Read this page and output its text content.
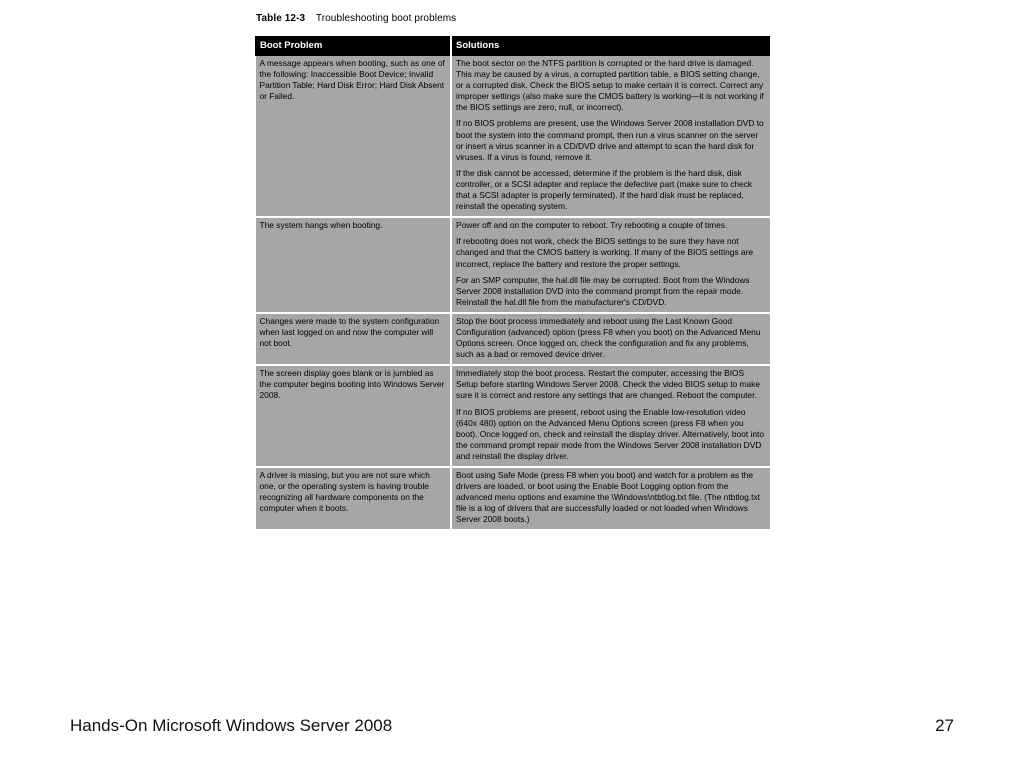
Table 12-3 Troubleshooting boot problems
Boot Problem	Solutions
A message appears when booting, such as one of the following: Inaccessible Boot Device; Invalid Partition Table; Hard Disk Error; Hard Disk Absent or Failed.	The boot sector on the NTFS partition is corrupted or the hard drive is damaged. This may be caused by a virus, a corrupted partition table, a BIOS setting change, or a corrupted disk. Check the BIOS setup to make certain it is correct. Correct any improper settings (also make sure the CMOS battery is working—it is not working if the BIOS settings are zero, null, or incorrect).

If no BIOS problems are present, use the Windows Server 2008 installation DVD to boot the system into the command prompt, then run a virus scanner on the server or insert a virus scanner in a CD/DVD drive and attempt to scan the hard disk for viruses. If a virus is found, remove it.

If the disk cannot be accessed, determine if the problem is the hard disk, disk controller, or a SCSI adapter and replace the defective part (make sure to check that a SCSI adapter is properly terminated). If the hard disk must be replaced, reinstall the operating system.

The system hangs when booting.	Power off and on the computer to reboot. Try rebooting a couple of times.

If rebooting does not work, check the BIOS settings to be sure they have not changed and that the CMOS battery is working. If many of the BIOS settings are incorrect, replace the battery and restore the proper settings.

For an SMP computer, the hal.dll file may be corrupted. Boot from the Windows Server 2008 installation DVD into the command prompt from the repair mode. Reinstall the hal.dll file from the manufacturer's CD/DVD.

Changes were made to the system configuration when last logged on and now the computer will not boot.	Stop the boot process immediately and reboot using the Last Known Good Configuration (advanced) option (press F8 when you boot) on the Advanced Menu Options screen. Once logged on, check the configuration and fix any problems, such as a bad or removed device driver.

The screen display goes blank or is jumbled as the computer begins booting into Windows Server 2008.	Immediately stop the boot process. Restart the computer, accessing the BIOS Setup before starting Windows Server 2008. Check the video BIOS setup to make sure it is correct and restore any settings that are changed. Reboot the computer.

If no BIOS problems are present, reboot using the Enable low-resolution video (640x 480) option on the Advanced Menu Options screen (press F8 when you boot). Once logged on, check and reinstall the display driver. Alternatively, boot into the command prompt repair mode from the Windows Server 2008 installation DVD and reinstall the display driver.

A driver is missing, but you are not sure which one, or the operating system is having trouble recognizing all hardware components on the computer when it boots.	Boot using Safe Mode (press F8 when you boot) and watch for a problem as the drivers are loaded, or boot using the Enable Boot Logging option from the advanced menu options and examine the \Windows\ntbtlog.txt file. (The ntbtlog.txt file is a log of drivers that are successfully loaded or not loaded when Windows Server 2008 boots.)

Hands-On Microsoft Windows Server 2008	27
